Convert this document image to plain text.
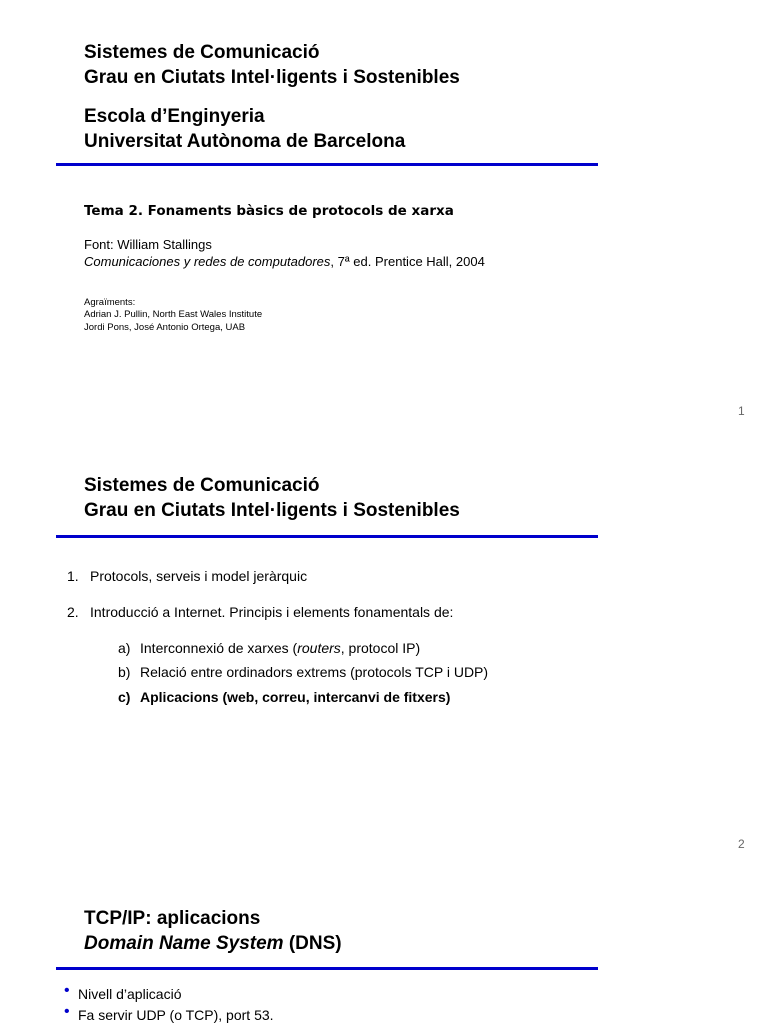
Sistemes de Comunicació
Grau en Ciutats Intel·ligents i Sostenibles
Escola d’Enginyeria
Universitat Autònoma de Barcelona
Tema 2. Fonaments bàsics de protocols de xarxa
Font: William Stallings
Comunicaciones y redes de computadores, 7ª ed. Prentice Hall, 2004
Agraïments:
Adrian J. Pullin, North East Wales Institute
Jordi Pons, José Antonio Ortega, UAB
1
Sistemes de Comunicació
Grau en Ciutats Intel·ligents i Sostenibles
1. Protocols, serveis i model jeràrquic
2. Introducció a Internet. Principis i elements fonamentals de:
a) Interconnexió de xarxes (routers, protocol IP)
b) Relació entre ordinadors extrems (protocols TCP i UDP)
c) Aplicacions (web, correu, intercanvi de fitxers)
2
TCP/IP: aplicacions
Domain Name System (DNS)
• Nivell d’aplicació
• Fa servir UDP (o TCP), port 53.
